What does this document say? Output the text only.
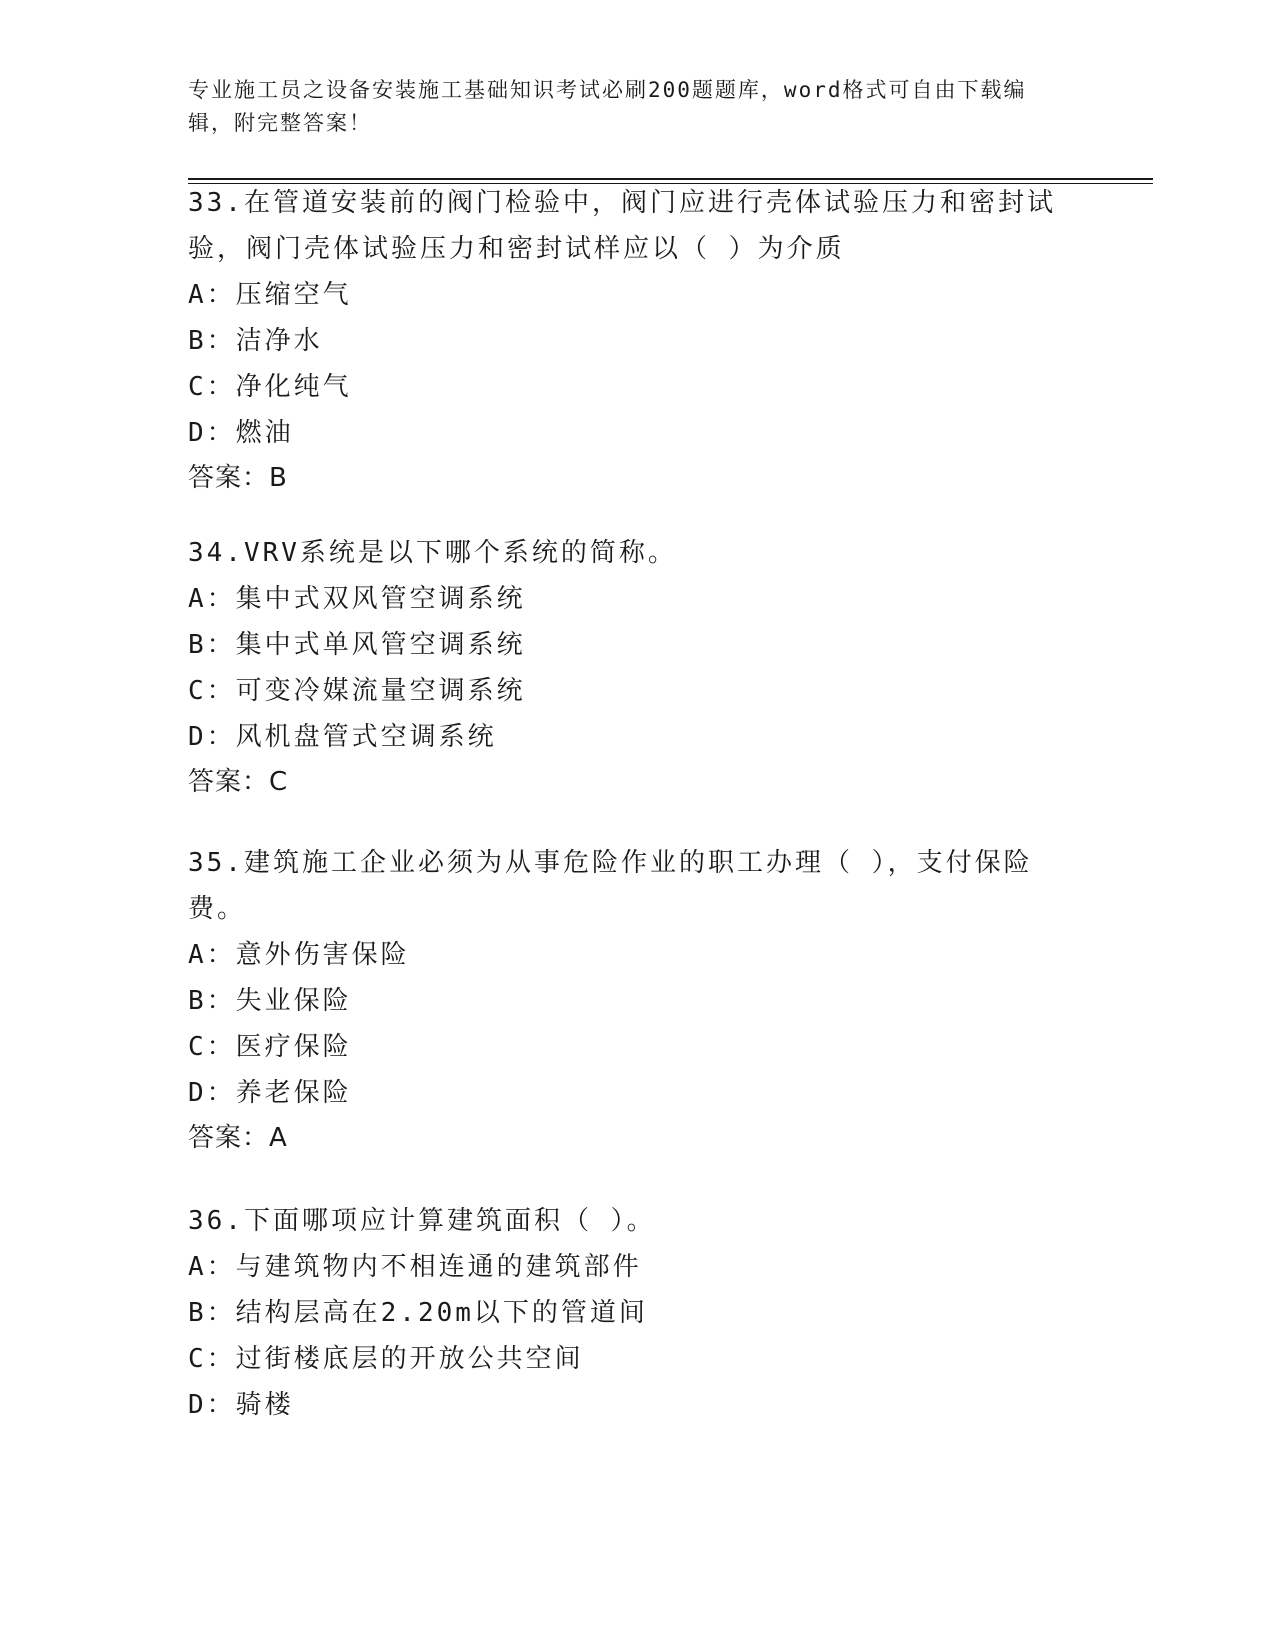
专业施工员之设备安装施工基础知识考试必刷200题题库，word格式可自由下载编辑，附完整答案！

33.在管道安装前的阀门检验中，阀门应进行壳体试验压力和密封试验，阀门壳体试验压力和密封试样应以（ ）为介质

A：压缩空气

B：洁净水

C：净化纯气

D：燃油

答案：B

34.VRV系统是以下哪个系统的简称。

A：集中式双风管空调系统

B：集中式单风管空调系统

C：可变冷媒流量空调系统

D：风机盘管式空调系统

答案：C

35.建筑施工企业必须为从事危险作业的职工办理（ ），支付保险费。

A：意外伤害保险

B：失业保险

C：医疗保险

D：养老保险

答案：A

36.下面哪项应计算建筑面积（ ）。

A：与建筑物内不相连通的建筑部件

B：结构层高在2.20m以下的管道间

C：过街楼底层的开放公共空间

D：骑楼
